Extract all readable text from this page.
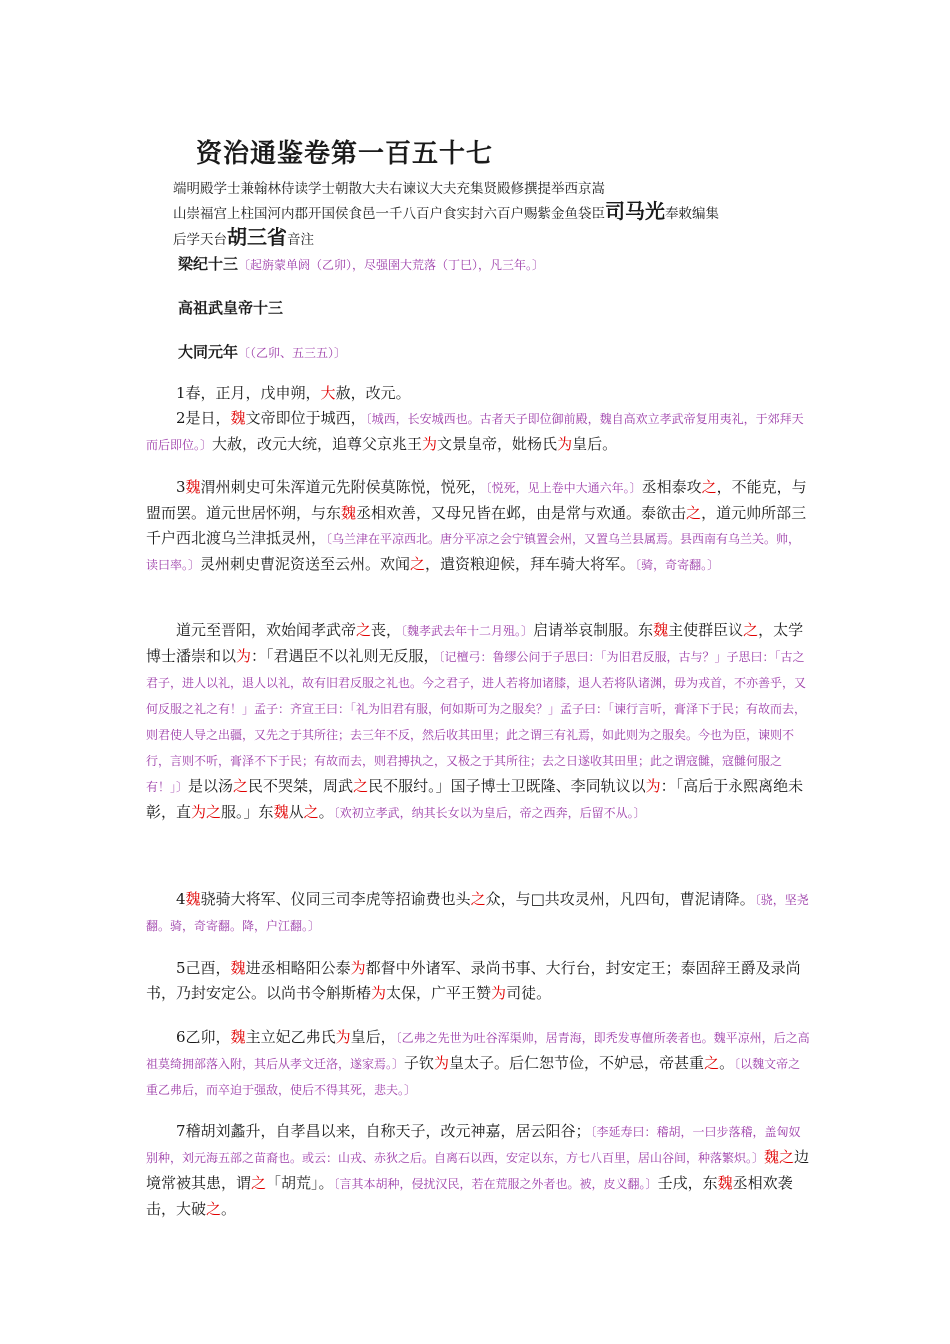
资治通鉴卷第一百五十七
端明殿学士兼翰林侍读学士朝散大夫右谏议大夫充集贤殿修撰提举西京嵩
山崇福宫上柱国河内郡开国侯食邑一千八百户食实封六百户赐紫金鱼袋臣司马光奉敕编集
后学天台胡三省音注
梁纪十三〔起旃蒙单阏（乙卯），尽强圉大荒落（丁巳），凡三年。〕
高祖武皇帝十三
大同元年〔（乙卯、五三五）〕

1春，正月，戊申朔，大赦，改元。

2是日，魏文帝即位于城西，〔城西，长安城西也。古者天子即位御前殿，魏自高欢立孝武帝复用夷礼，于郊拜天而后即位。〕大赦，改元大统，追尊父京兆王为文景皇帝，妣杨氏为皇后。

3魏渭州刺史可朱浑道元先附侯莫陈悦，悦死，〔悦死，见上卷中大通六年。〕丞相泰攻之，不能克，与盟而罢。道元世居怀朔，与东魏丞相欢善，又母兄皆在邺，由是常与欢通。泰欲击之，道元帅所部三千户西北渡乌兰津抵灵州，〔乌兰津在平凉西北。唐分平凉之会宁镇置会州，又置乌兰县属焉。县西南有乌兰关。帅，读曰率。〕灵州刺史曹泥资送至云州。欢闻之，遣资粮迎候，拜车骑大将军。〔骑，奇寄翻。〕

道元至晋阳，欢始闻孝武帝之丧，〔魏孝武去年十二月殂。〕启请举哀制服。东魏主使群臣议之，太学博士潘崇和以为：「君遇臣不以礼则无反服，〔记檀弓：鲁缪公问于子思曰：「为旧君反服，古与？」子思曰：「古之君子，进人以礼，退人以礼，故有旧君反服之礼也。今之君子，进人若将加诸膝，退人若将队诸渊，毋为戎首，不亦善乎，又何反服之礼之有！」孟子：齐宣王曰：「礼为旧君有服，何如斯可为之服矣？」孟子曰：「谏行言听，膏泽下于民；有故而去，则君使人导之出疆，又先之于其所往；去三年不反，然后收其田里；此之谓三有礼焉，如此则为之服矣。今也为臣，谏则不行，言则不听，膏泽不下于民；有故而去，则君搏执之，又极之于其所往；去之日遂收其田里；此之谓寇雠，寇雠何服之有！」〕是以汤之民不哭桀，周武之民不服纣。」国子博士卫既隆、李同轨议以为：「高后于永熙离绝未彰，直为之服。」东魏从之。〔欢初立孝武，纳其长女以为皇后，帝之西奔，后留不从。〕

4魏骁骑大将军、仪同三司李虎等招谕费也头之众，与□共攻灵州，凡四旬，曹泥请降。〔骁，坚尧翻。骑，奇寄翻。降，户江翻。〕

5己酉，魏进丞相略阳公泰为都督中外诸军、录尚书事、大行台，封安定王；泰固辞王爵及录尚书，乃封安定公。以尚书令斛斯椿为太保，广平王赞为司徒。

6乙卯，魏主立妃乙弗氏为皇后，〔乙弗之先世为吐谷浑渠帅，居青海，即秃发専儃所袭者也。魏平凉州，后之高祖莫绮拥部落入附，其后从孝文迁洛，遂家焉。〕子钦为皇太子。后仁恕节俭，不妒忌，帝甚重之。〔以魏文帝之重乙弗后，而卒迫于强敌，使后不得其死，悲夫。〕

7稽胡刘蠡升，自孝昌以来，自称天子，改元神嘉，居云阳谷；〔李延寿曰：稽胡，一曰步落稽，盖匈奴别种，刘元海五部之苗裔也。或云：山戎、赤狄之后。自离石以西，安定以东，方七八百里，居山谷间，种落繁炽。〕魏之边境常被其患，谓之「胡荒」。〔言其本胡种，侵扰汉民，若在荒服之外者也。被，皮义翻。〕壬戌，东魏丞相欢袭击，大破之。
